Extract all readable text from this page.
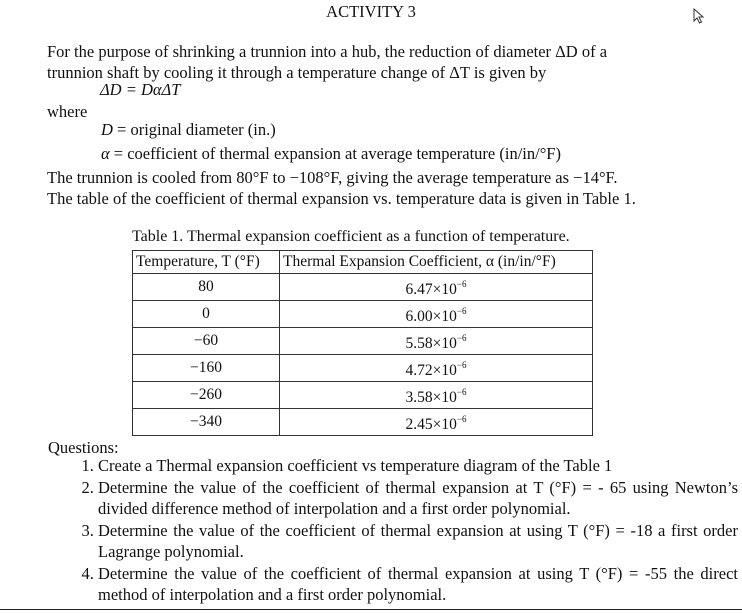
ACTIVITY 3
For the purpose of shrinking a trunnion into a hub, the reduction of diameter ΔD of a
trunnion shaft by cooling it through a temperature change of ΔT is given by
ΔD = DαΔT
where
D = original diameter (in.)
α = coefficient of thermal expansion at average temperature (in/in/°F)
The trunnion is cooled from 80°F to −108°F, giving the average temperature as −14°F.
The table of the coefficient of thermal expansion vs. temperature data is given in Table 1.
Table 1. Thermal expansion coefficient as a function of temperature.
Temperature, T (°F)	Thermal Expansion Coefficient, α (in/in/°F)
80	$6.47\times 10^{-6}$
0	$6.00\times 10^{-6}$
−60	$5.58\times 10^{-6}$
−160	$4.72\times 10^{-6}$
−260	$3.58\times 10^{-6}$
−340	$2.45\times 10^{-6}$
Questions:
1. Create a Thermal expansion coefficient vs temperature diagram of the Table 1
2. Determine the value of the coefficient of thermal expansion at T (°F) = - 65 using Newton’s divided difference method of interpolation and a first order polynomial.
3. Determine the value of the coefficient of thermal expansion at using T (°F) = -18 a first order Lagrange polynomial.
4. Determine the value of the coefficient of thermal expansion at using T (°F) = -55 the direct method of interpolation and a first order polynomial.
